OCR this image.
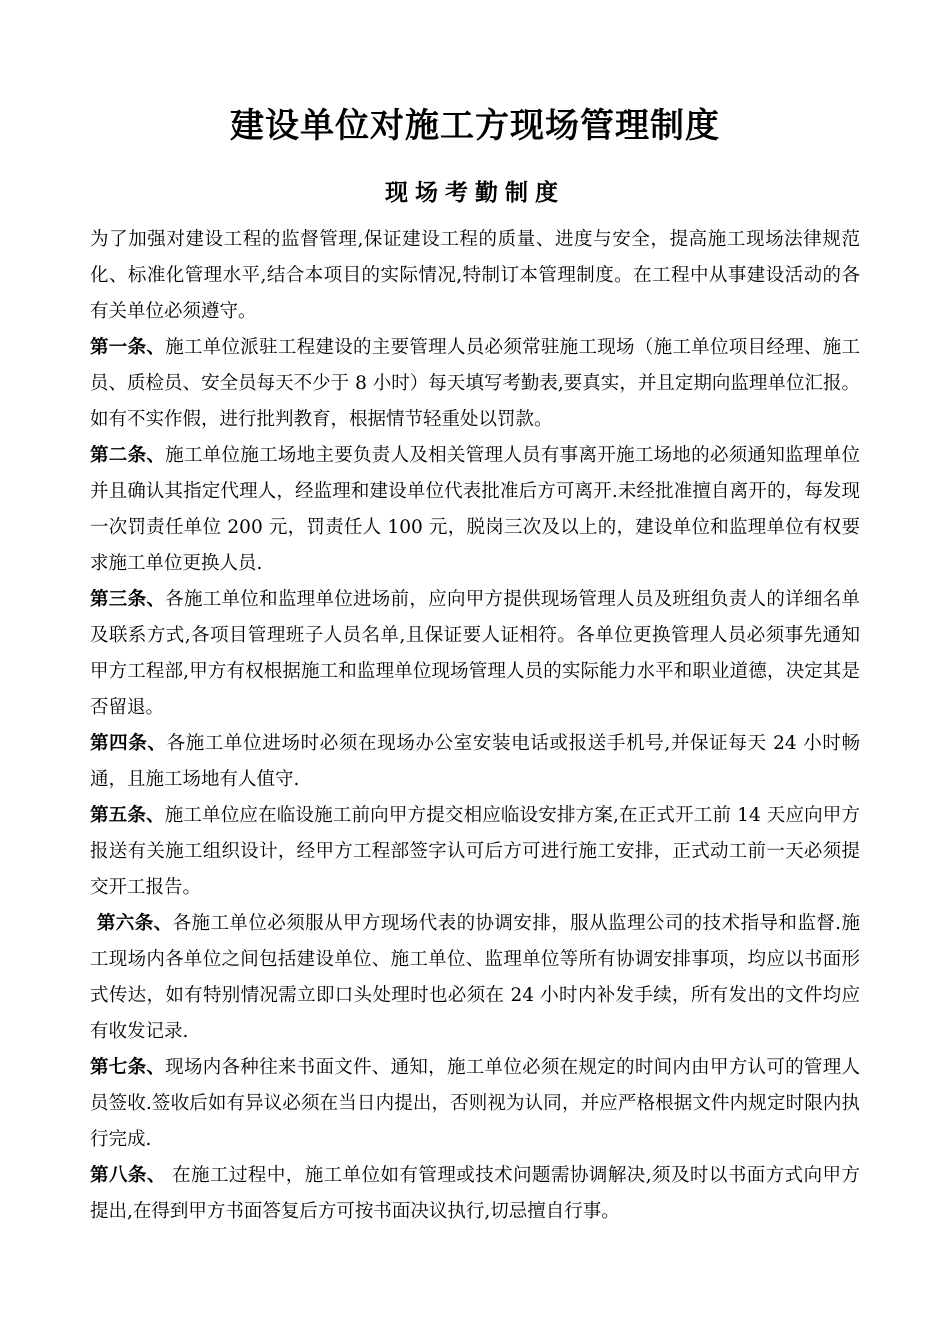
建设单位对施工方现场管理制度
现场考勤制度

为了加强对建设工程的监督管理,保证建设工程的质量、进度与安全，提高施工现场法律规范化、标准化管理水平,结合本项目的实际情况,特制订本管理制度。在工程中从事建设活动的各有关单位必须遵守。

第一条、施工单位派驻工程建设的主要管理人员必须常驻施工现场（施工单位项目经理、施工员、质检员、安全员每天不少于 8 小时）每天填写考勤表,要真实，并且定期向监理单位汇报。如有不实作假，进行批判教育，根据情节轻重处以罚款。

第二条、施工单位施工场地主要负责人及相关管理人员有事离开施工场地的必须通知监理单位并且确认其指定代理人，经监理和建设单位代表批准后方可离开.未经批准擅自离开的，每发现一次罚责任单位 200 元，罚责任人 100 元，脱岗三次及以上的，建设单位和监理单位有权要求施工单位更换人员.

第三条、各施工单位和监理单位进场前，应向甲方提供现场管理人员及班组负责人的详细名单及联系方式,各项目管理班子人员名单,且保证要人证相符。各单位更换管理人员必须事先通知甲方工程部,甲方有权根据施工和监理单位现场管理人员的实际能力水平和职业道德，决定其是否留退。

第四条、各施工单位进场时必须在现场办公室安装电话或报送手机号,并保证每天 24 小时畅通，且施工场地有人值守.

第五条、施工单位应在临设施工前向甲方提交相应临设安排方案,在正式开工前 14 天应向甲方报送有关施工组织设计，经甲方工程部签字认可后方可进行施工安排，正式动工前一天必须提交开工报告。

第六条、各施工单位必须服从甲方现场代表的协调安排，服从监理公司的技术指导和监督.施工现场内各单位之间包括建设单位、施工单位、监理单位等所有协调安排事项，均应以书面形式传达，如有特别情况需立即口头处理时也必须在 24 小时内补发手续，所有发出的文件均应有收发记录.

第七条、现场内各种往来书面文件、通知，施工单位必须在规定的时间内由甲方认可的管理人员签收.签收后如有异议必须在当日内提出，否则视为认同，并应严格根据文件内规定时限内执行完成.

第八条、 在施工过程中，施工单位如有管理或技术问题需协调解决,须及时以书面方式向甲方提出,在得到甲方书面答复后方可按书面决议执行,切忌擅自行事。
